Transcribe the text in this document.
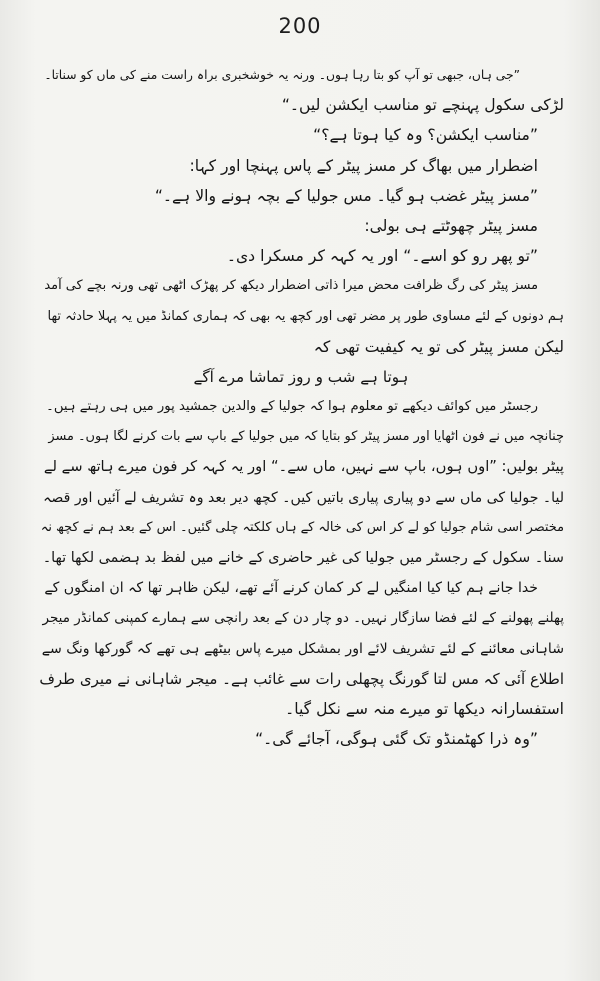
200
”جی ہاں، جبھی تو آپ کو بتا رہا ہوں۔ ورنہ یہ خوشخبری براہ راست منے کی ماں کو سناتا۔
لڑکی سکول پہنچے تو مناسب ایکشن لیں۔“
”مناسب ایکشن؟ وہ کیا ہوتا ہے؟“
اضطرار میں بھاگ کر مسز پیٹر کے پاس پہنچا اور کہا:
”مسز پیٹر غضب ہو گیا۔ مس جولیا کے بچہ ہونے والا ہے۔“
مسز پیٹر چھوٹتے ہی بولی:
”تو پھر رو کو اسے۔“ اور یہ کہہ کر مسکرا دی۔
مسز پیٹر کی رگ ظرافت محض میرا ذاتی اضطرار دیکھ کر پھڑک اٹھی تھی ورنہ بچے کی آمد
ہم دونوں کے لئے مساوی طور پر مضر تھی اور کچھ یہ بھی کہ ہماری کمانڈ میں یہ پہلا حادثہ تھا
لیکن مسز پیٹر کی تو یہ کیفیت تھی کہ
ہوتا ہے شب و روز تماشا مرے آگے
رجسٹر میں کوائف دیکھے تو معلوم ہوا کہ جولیا کے والدین جمشید پور میں ہی رہتے ہیں۔
چنانچہ میں نے فون اٹھایا اور مسز پیٹر کو بتایا کہ میں جولیا کے باپ سے بات کرنے لگا ہوں۔ مسز
پیٹر بولیں: ”اوں ہوں، باپ سے نہیں، ماں سے۔“ اور یہ کہہ کر فون میرے ہاتھ سے لے
لیا۔ جولیا کی ماں سے دو پیاری پیاری باتیں کیں۔ کچھ دیر بعد وہ تشریف لے آئیں اور قصہ
مختصر اسی شام جولیا کو لے کر اس کی خالہ کے ہاں کلکتہ چلی گئیں۔ اس کے بعد ہم نے کچھ نہ
سنا۔ سکول کے رجسٹر میں جولیا کی غیر حاضری کے خانے میں لفظ بد ہضمی لکھا تھا۔
خدا جانے ہم کیا کیا امنگیں لے کر کمان کرنے آئے تھے، لیکن ظاہر تھا کہ ان امنگوں کے
پھلنے پھولنے کے لئے فضا سازگار نہیں۔ دو چار دن کے بعد رانچی سے ہمارے کمپنی کمانڈر میجر
شاہانی معائنے کے لئے تشریف لائے اور بمشکل میرے پاس بیٹھے ہی تھے کہ گورکھا ونگ سے
اطلاع آئی کہ مس لتا گورنگ پچھلی رات سے غائب ہے۔ میجر شاہانی نے میری طرف
استفسارانہ دیکھا تو میرے منہ سے نکل گیا۔
”وہ ذرا کھٹمنڈو تک گئی ہوگی، آجائے گی۔“
